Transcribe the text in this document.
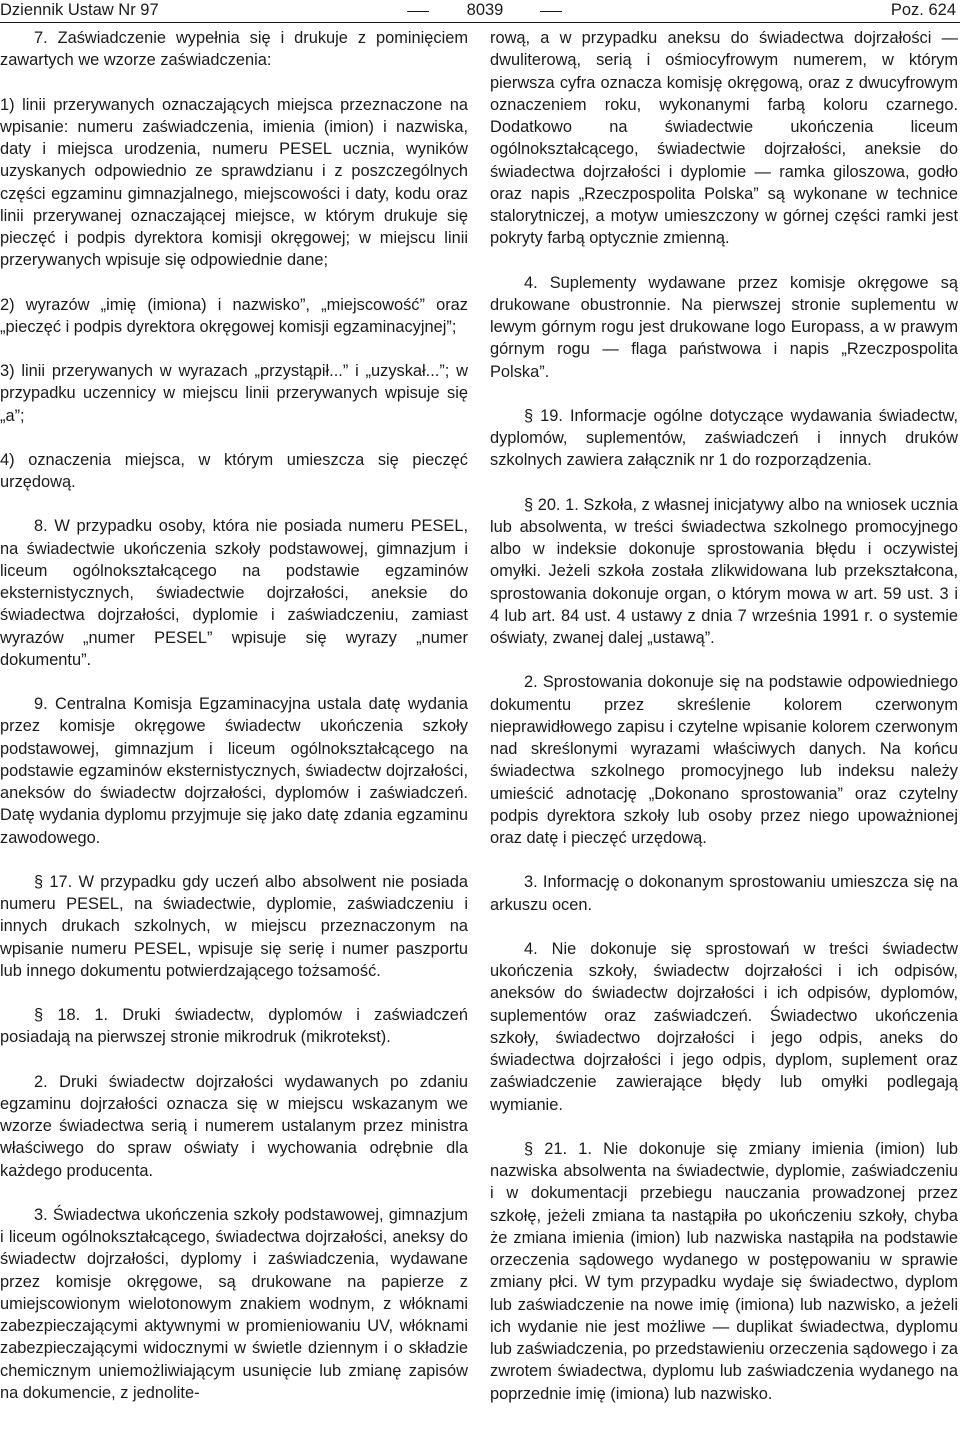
Dziennik Ustaw Nr 97	8039	Poz. 624

7. Zaświadczenie wypełnia się i drukuje z pominięciem zawartych we wzorze zaświadczenia:

1) linii przerywanych oznaczających miejsca przeznaczone na wpisanie: numeru zaświadczenia, imienia (imion) i nazwiska, daty i miejsca urodzenia, numeru PESEL ucznia, wyników uzyskanych odpowiednio ze sprawdzianu i z poszczególnych części egzaminu gimnazjalnego, miejscowości i daty, kodu oraz linii przerywanej oznaczającej miejsce, w którym drukuje się pieczęć i podpis dyrektora komisji okręgowej; w miejscu linii przerywanych wpisuje się odpowiednie dane;

2) wyrazów „imię (imiona) i nazwisko”, „miejscowość” oraz „pieczęć i podpis dyrektora okręgowej komisji egzaminacyjnej”;

3) linii przerywanych w wyrazach „przystąpił...” i „uzyskał...”; w przypadku uczennicy w miejscu linii przerywanych wpisuje się „a”;

4) oznaczenia miejsca, w którym umieszcza się pieczęć urzędową.

8. W przypadku osoby, która nie posiada numeru PESEL, na świadectwie ukończenia szkoły podstawowej, gimnazjum i liceum ogólnokształcącego na podstawie egzaminów eksternistycznych, świadectwie dojrzałości, aneksie do świadectwa dojrzałości, dyplomie i zaświadczeniu, zamiast wyrazów „numer PESEL” wpisuje się wyrazy „numer dokumentu”.

9. Centralna Komisja Egzaminacyjna ustala datę wydania przez komisje okręgowe świadectw ukończenia szkoły podstawowej, gimnazjum i liceum ogólnokształcącego na podstawie egzaminów eksternistycznych, świadectw dojrzałości, aneksów do świadectw dojrzałości, dyplomów i zaświadczeń. Datę wydania dyplomu przyjmuje się jako datę zdania egzaminu zawodowego.

§ 17. W przypadku gdy uczeń albo absolwent nie posiada numeru PESEL, na świadectwie, dyplomie, zaświadczeniu i innych drukach szkolnych, w miejscu przeznaczonym na wpisanie numeru PESEL, wpisuje się serię i numer paszportu lub innego dokumentu potwierdzającego tożsamość.

§ 18. 1. Druki świadectw, dyplomów i zaświadczeń posiadają na pierwszej stronie mikrodruk (mikrotekst).

2. Druki świadectw dojrzałości wydawanych po zdaniu egzaminu dojrzałości oznacza się w miejscu wskazanym we wzorze świadectwa serią i numerem ustalanym przez ministra właściwego do spraw oświaty i wychowania odrębnie dla każdego producenta.

3. Świadectwa ukończenia szkoły podstawowej, gimnazjum i liceum ogólnokształcącego, świadectwa dojrzałości, aneksy do świadectw dojrzałości, dyplomy i zaświadczenia, wydawane przez komisje okręgowe, są drukowane na papierze z umiejscowionym wielotonowym znakiem wodnym, z włóknami zabezpieczającymi aktywnymi w promieniowaniu UV, włóknami zabezpieczającymi widocznymi w świetle dziennym i o składzie chemicznym uniemożliwiającym usunięcie lub zmianę zapisów na dokumencie, z jednolite-

rową, a w przypadku aneksu do świadectwa dojrzałości — dwuliterową, serią i ośmiocyfrowym numerem, w którym pierwsza cyfra oznacza komisję okręgową, oraz z dwucyfrowym oznaczeniem roku, wykonanymi farbą koloru czarnego. Dodatkowo na świadectwie ukończenia liceum ogólnokształcącego, świadectwie dojrzałości, aneksie do świadectwa dojrzałości i dyplomie — ramka giloszowa, godło oraz napis „Rzeczpospolita Polska” są wykonane w technice stalorytniczej, a motyw umieszczony w górnej części ramki jest pokryty farbą optycznie zmienną.

4. Suplementy wydawane przez komisje okręgowe są drukowane obustronnie. Na pierwszej stronie suplementu w lewym górnym rogu jest drukowane logo Europass, a w prawym górnym rogu — flaga państwowa i napis „Rzeczpospolita Polska”.

§ 19. Informacje ogólne dotyczące wydawania świadectw, dyplomów, suplementów, zaświadczeń i innych druków szkolnych zawiera załącznik nr 1 do rozporządzenia.

§ 20. 1. Szkoła, z własnej inicjatywy albo na wniosek ucznia lub absolwenta, w treści świadectwa szkolnego promocyjnego albo w indeksie dokonuje sprostowania błędu i oczywistej omyłki. Jeżeli szkoła została zlikwidowana lub przekształcona, sprostowania dokonuje organ, o którym mowa w art. 59 ust. 3 i 4 lub art. 84 ust. 4 ustawy z dnia 7 września 1991 r. o systemie oświaty, zwanej dalej „ustawą”.

2. Sprostowania dokonuje się na podstawie odpowiedniego dokumentu przez skreślenie kolorem czerwonym nieprawidłowego zapisu i czytelne wpisanie kolorem czerwonym nad skreślonymi wyrazami właściwych danych. Na końcu świadectwa szkolnego promocyjnego lub indeksu należy umieścić adnotację „Dokonano sprostowania” oraz czytelny podpis dyrektora szkoły lub osoby przez niego upoważnionej oraz datę i pieczęć urzędową.

3. Informację o dokonanym sprostowaniu umieszcza się na arkuszu ocen.

4. Nie dokonuje się sprostowań w treści świadectw ukończenia szkoły, świadectw dojrzałości i ich odpisów, aneksów do świadectw dojrzałości i ich odpisów, dyplomów, suplementów oraz zaświadczeń. Świadectwo ukończenia szkoły, świadectwo dojrzałości i jego odpis, aneks do świadectwa dojrzałości i jego odpis, dyplom, suplement oraz zaświadczenie zawierające błędy lub omyłki podlegają wymianie.

§ 21. 1. Nie dokonuje się zmiany imienia (imion) lub nazwiska absolwenta na świadectwie, dyplomie, zaświadczeniu i w dokumentacji przebiegu nauczania prowadzonej przez szkołę, jeżeli zmiana ta nastąpiła po ukończeniu szkoły, chyba że zmiana imienia (imion) lub nazwiska nastąpiła na podstawie orzeczenia sądowego wydanego w postępowaniu w sprawie zmiany płci. W tym przypadku wydaje się świadectwo, dyplom lub zaświadczenie na nowe imię (imiona) lub nazwisko, a jeżeli ich wydanie nie jest możliwe — duplikat świadectwa, dyplomu lub zaświadczenia, po przedstawieniu orzeczenia sądowego i za zwrotem świadectwa, dyplomu lub zaświadczenia wydanego na poprzednie imię (imiona) lub nazwisko.
